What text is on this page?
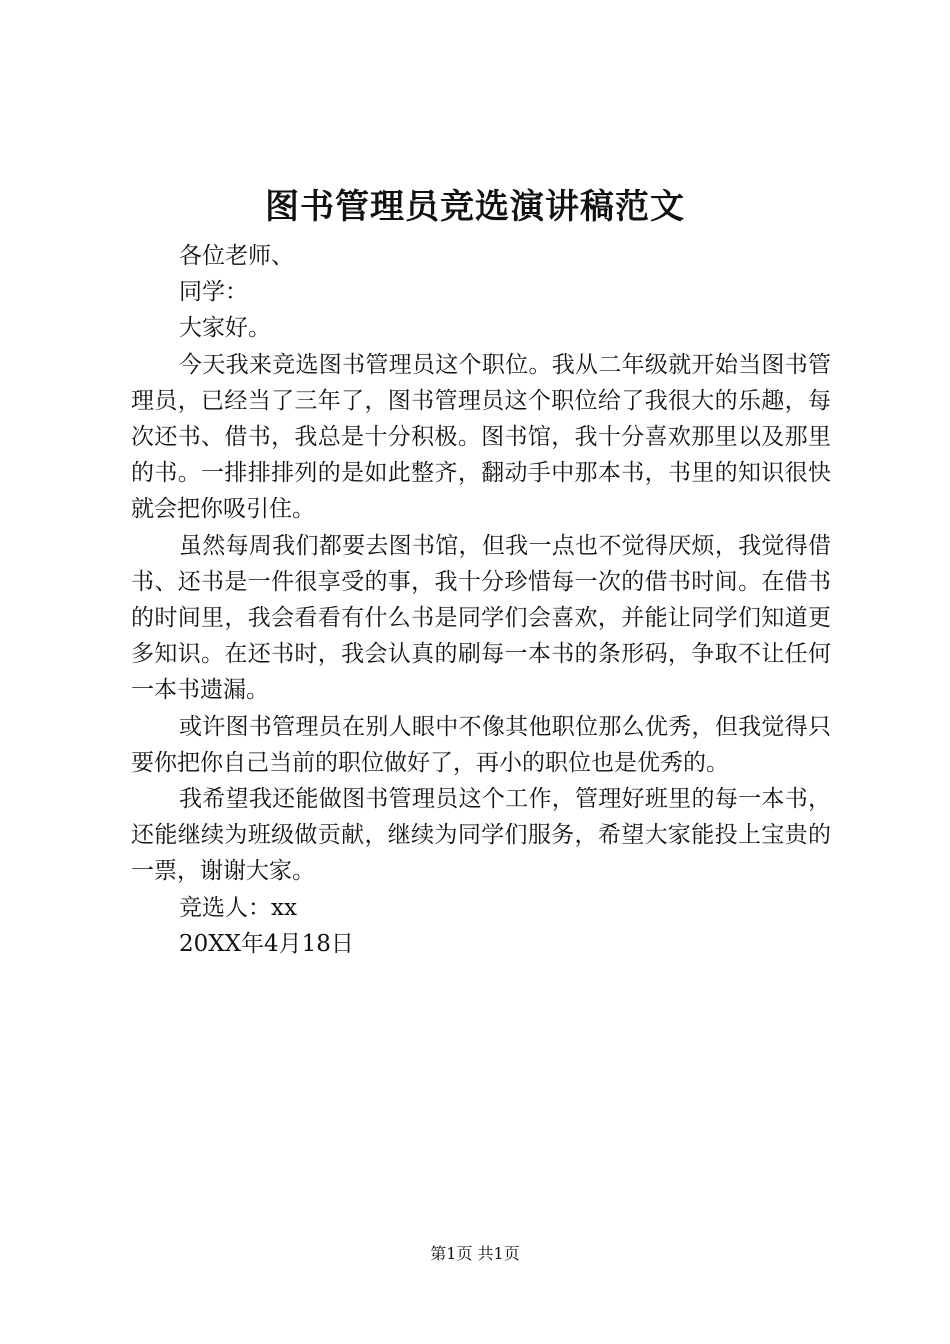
图书管理员竞选演讲稿范文

各位老师、

同学：

大家好。

今天我来竞选图书管理员这个职位。我从二年级就开始当图书管理员，已经当了三年了，图书管理员这个职位给了我很大的乐趣，每次还书、借书，我总是十分积极。图书馆，我十分喜欢那里以及那里的书。一排排排列的是如此整齐，翻动手中那本书，书里的知识很快就会把你吸引住。

虽然每周我们都要去图书馆，但我一点也不觉得厌烦，我觉得借书、还书是一件很享受的事，我十分珍惜每一次的借书时间。在借书的时间里，我会看看有什么书是同学们会喜欢，并能让同学们知道更多知识。在还书时，我会认真的刷每一本书的条形码，争取不让任何一本书遗漏。

或许图书管理员在别人眼中不像其他职位那么优秀，但我觉得只要你把你自己当前的职位做好了，再小的职位也是优秀的。

我希望我还能做图书管理员这个工作，管理好班里的每一本书，还能继续为班级做贡献，继续为同学们服务，希望大家能投上宝贵的一票，谢谢大家。

竞选人：xx

20XX年4月18日

第1页 共1页
